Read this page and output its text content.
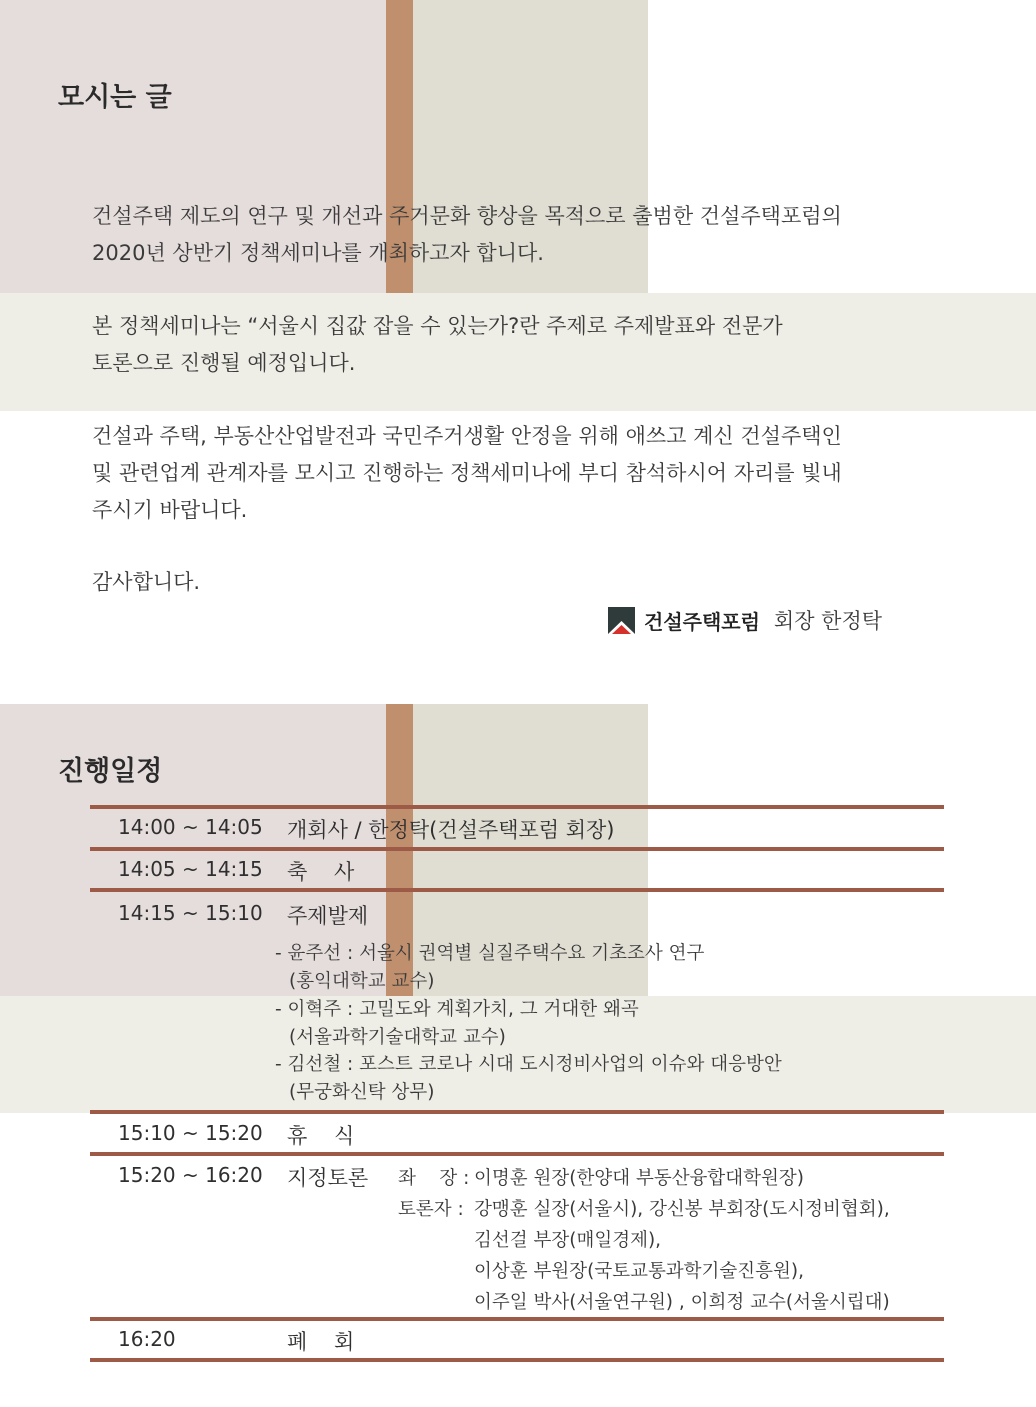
모시는 글

건설주택 제도의 연구 및 개선과 주거문화 향상을 목적으로 출범한 건설주택포럼의
2020년 상반기 정책세미나를 개최하고자 합니다.

본 정책세미나는 “서울시 집값 잡을 수 있는가?란 주제로 주제발표와 전문가
토론으로 진행될 예정입니다.

건설과 주택, 부동산산업발전과 국민주거생활 안정을 위해 애쓰고 계신 건설주택인
및 관련업계 관계자를 모시고 진행하는 정책세미나에 부디 참석하시어 자리를 빛내
주시기 바랍니다.

감사합니다.

건설주택포럼 회장 한정탁
진행일정
14:00 ~ 14:05 개회사 / 한정탁(건설주택포럼 회장)
14:05 ~ 14:15 축    사
14:15 ~ 15:10 주제발제
- 윤주선 : 서울시 권역별 실질주택수요 기초조사 연구
(홍익대학교 교수)
- 이혁주 : 고밀도와 계획가치, 그 거대한 왜곡
(서울과학기술대학교 교수)
- 김선철 : 포스트 코로나 시대 도시정비사업의 이슈와 대응방안
(무궁화신탁 상무)
15:10 ~ 15:20 휴    식
15:20 ~ 16:20 지정토론 좌    장 : 이명훈 원장(한양대 부동산융합대학원장)
토론자 : 강맹훈 실장(서울시), 강신봉 부회장(도시정비협회),
김선걸 부장(매일경제),
이상훈 부원장(국토교통과학기술진흥원),
이주일 박사(서울연구원) , 이희정 교수(서울시립대)
16:20	폐    회
